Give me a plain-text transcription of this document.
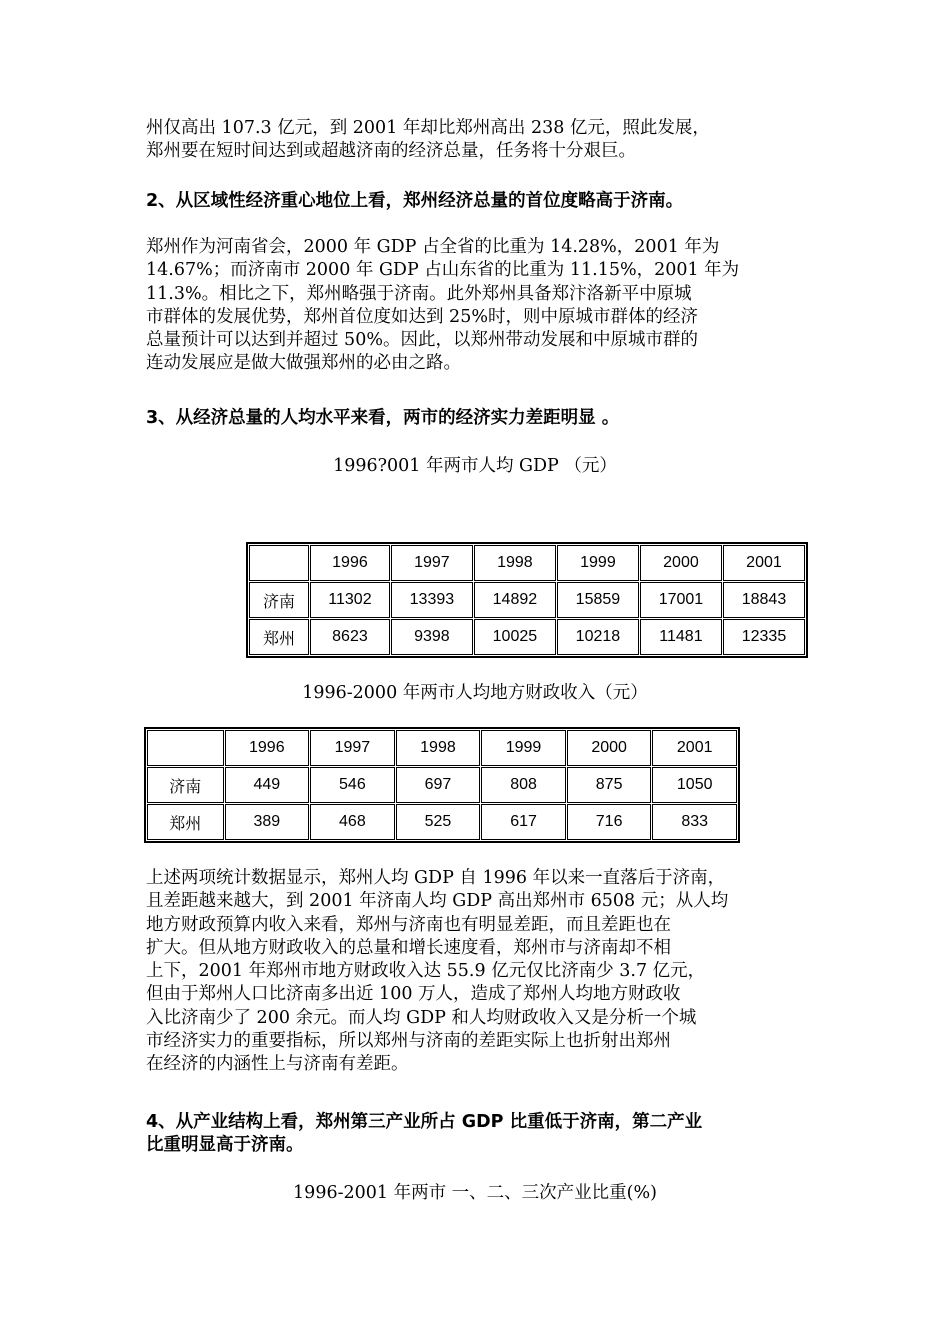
州仅高出 107.3 亿元，到 2001 年却比郑州高出 238 亿元，照此发展，
郑州要在短时间达到或超越济南的经济总量，任务将十分艰巨。
2、从区域性经济重心地位上看，郑州经济总量的首位度略高于济南。
郑州作为河南省会，2000 年 GDP 占全省的比重为 14.28%，2001 年为
14.67%；而济南市 2000 年 GDP 占山东省的比重为 11.15%，2001 年为
11.3%。相比之下，郑州略强于济南。此外郑州具备郑汴洛新平中原城
市群体的发展优势，郑州首位度如达到 25%时，则中原城市群体的经济
总量预计可以达到并超过 50%。因此，以郑州带动发展和中原城市群的
连动发展应是做大做强郑州的必由之路。
3、从经济总量的人均水平来看，两市的经济实力差距明显 。
1996?001 年两市人均 GDP （元）
	1996	1997	1998	1999	2000	2001
济南	11302	13393	14892	15859	17001	18843
郑州	8623	9398	10025	10218	11481	12335
1996-2000 年两市人均地方财政收入（元）
	1996	1997	1998	1999	2000	2001
济南	449	546	697	808	875	1050
郑州	389	468	525	617	716	833
上述两项统计数据显示，郑州人均 GDP 自 1996 年以来一直落后于济南，
且差距越来越大，到 2001 年济南人均 GDP 高出郑州市 6508 元；从人均
地方财政预算内收入来看，郑州与济南也有明显差距，而且差距也在
扩大。但从地方财政收入的总量和增长速度看，郑州市与济南却不相
上下，2001 年郑州市地方财政收入达 55.9 亿元仅比济南少 3.7 亿元，
但由于郑州人口比济南多出近 100 万人，造成了郑州人均地方财政收
入比济南少了 200 余元。而人均 GDP 和人均财政收入又是分析一个城
市经济实力的重要指标，所以郑州与济南的差距实际上也折射出郑州
在经济的内涵性上与济南有差距。
4、从产业结构上看，郑州第三产业所占 GDP 比重低于济南，第二产业
比重明显高于济南。
1996-2001 年两市 一、二、三次产业比重(%)
